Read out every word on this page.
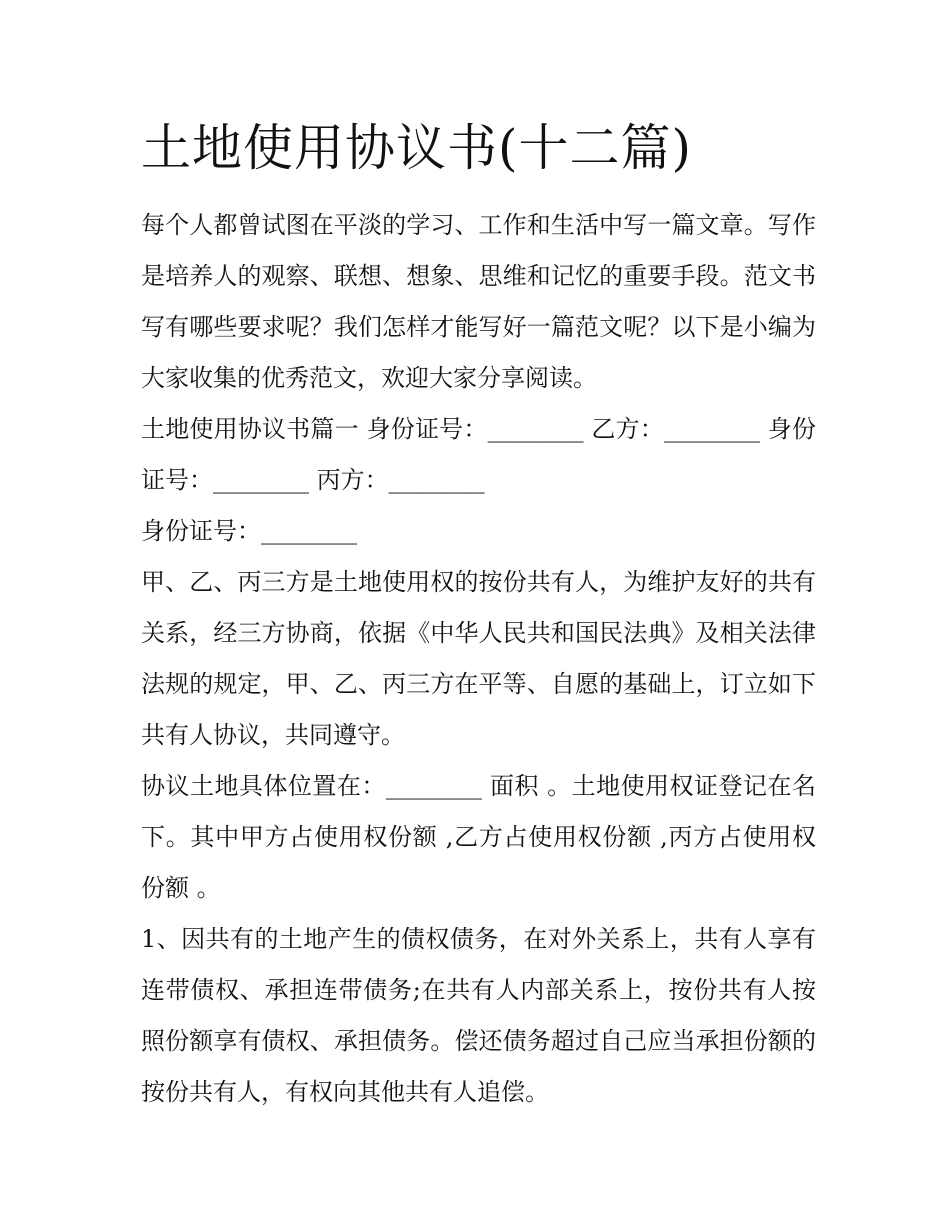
土地使用协议书(十二篇)

每个人都曾试图在平淡的学习、工作和生活中写一篇文章。写作是培养人的观察、联想、想象、思维和记忆的重要手段。范文书写有哪些要求呢？我们怎样才能写好一篇范文呢？以下是小编为大家收集的优秀范文，欢迎大家分享阅读。

土地使用协议书篇一 身份证号：________ 乙方：________ 身份证号：________ 丙方：________

身份证号：________

甲、乙、丙三方是土地使用权的按份共有人，为维护友好的共有关系，经三方协商，依据《中华人民共和国民法典》及相关法律法规的规定，甲、乙、丙三方在平等、自愿的基础上，订立如下共有人协议，共同遵守。

协议土地具体位置在：________ 面积 。土地使用权证登记在名下。其中甲方占使用权份额 ,乙方占使用权份额 ,丙方占使用权份额 。

1、因共有的土地产生的债权债务，在对外关系上，共有人享有连带债权、承担连带债务;在共有人内部关系上，按份共有人按照份额享有债权、承担债务。偿还债务超过自己应当承担份额的按份共有人，有权向其他共有人追偿。
